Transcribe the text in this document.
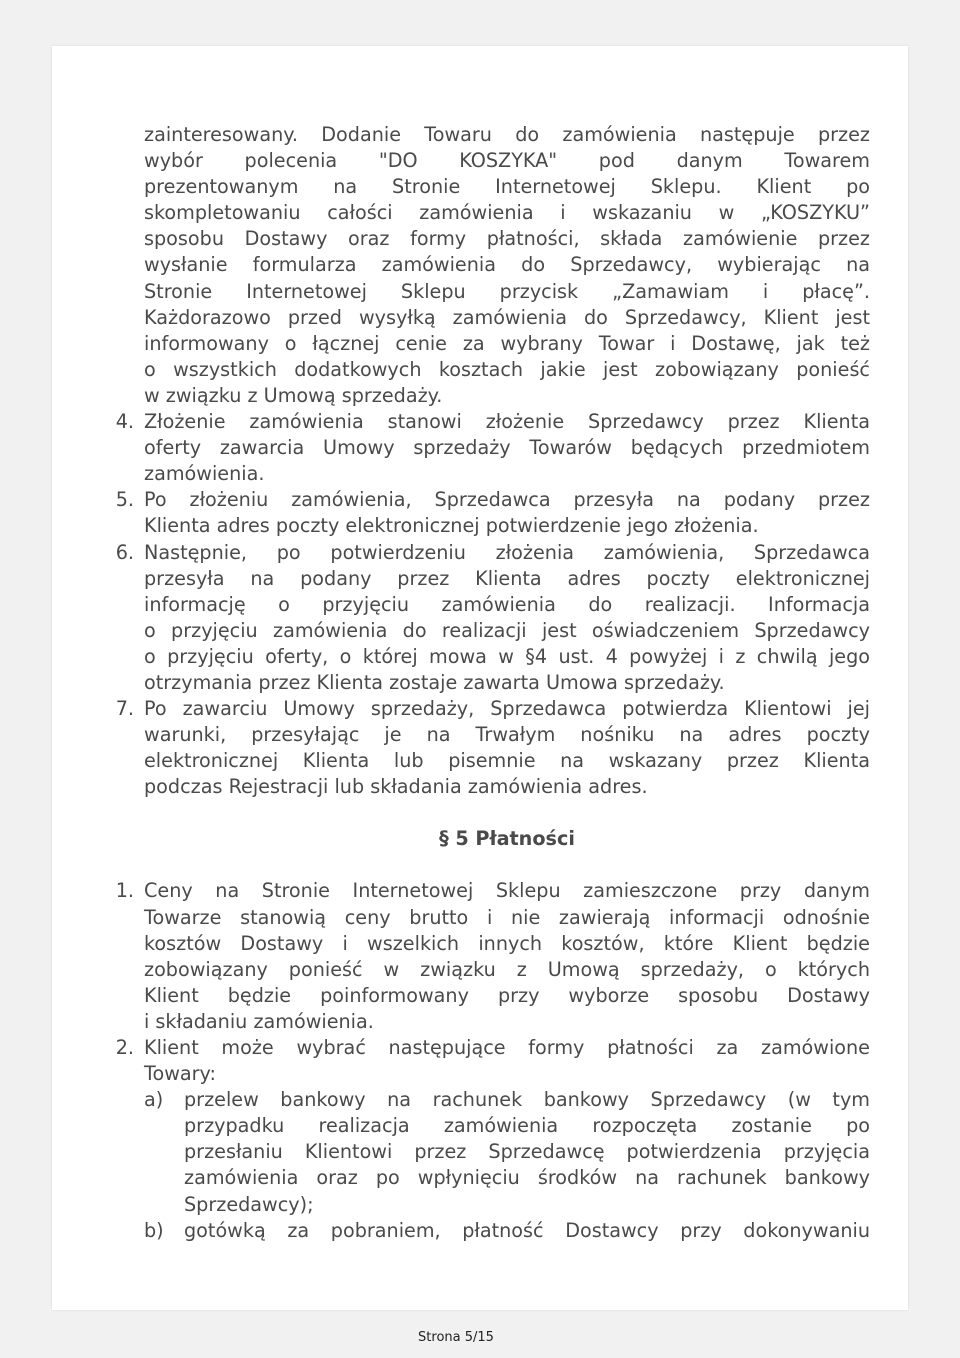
zainteresowany. Dodanie Towaru do zamówienia następuje przez
wybór polecenia "DO KOSZYKA" pod danym Towarem
prezentowanym na Stronie Internetowej Sklepu. Klient po
skompletowaniu całości zamówienia i wskazaniu w „KOSZYKU”
sposobu Dostawy oraz formy płatności, składa zamówienie przez
wysłanie formularza zamówienia do Sprzedawcy, wybierając na
Stronie Internetowej Sklepu przycisk „Zamawiam i płacę”.
Każdorazowo przed wysyłką zamówienia do Sprzedawcy, Klient jest
informowany o łącznej cenie za wybrany Towar i Dostawę, jak też
o wszystkich dodatkowych kosztach jakie jest zobowiązany ponieść
w związku z Umową sprzedaży.
4. Złożenie zamówienia stanowi złożenie Sprzedawcy przez Klienta
oferty zawarcia Umowy sprzedaży Towarów będących przedmiotem
zamówienia.
5. Po złożeniu zamówienia, Sprzedawca przesyła na podany przez
Klienta adres poczty elektronicznej potwierdzenie jego złożenia.
6. Następnie, po potwierdzeniu złożenia zamówienia, Sprzedawca
przesyła na podany przez Klienta adres poczty elektronicznej
informację o przyjęciu zamówienia do realizacji. Informacja
o przyjęciu zamówienia do realizacji jest oświadczeniem Sprzedawcy
o przyjęciu oferty, o której mowa w §4 ust. 4 powyżej i z chwilą jego
otrzymania przez Klienta zostaje zawarta Umowa sprzedaży.
7. Po zawarciu Umowy sprzedaży, Sprzedawca potwierdza Klientowi jej
warunki, przesyłając je na Trwałym nośniku na adres poczty
elektronicznej Klienta lub pisemnie na wskazany przez Klienta
podczas Rejestracji lub składania zamówienia adres.
§ 5 Płatności
1. Ceny na Stronie Internetowej Sklepu zamieszczone przy danym
Towarze stanowią ceny brutto i nie zawierają informacji odnośnie
kosztów Dostawy i wszelkich innych kosztów, które Klient będzie
zobowiązany ponieść w związku z Umową sprzedaży, o których
Klient będzie poinformowany przy wyborze sposobu Dostawy
i składaniu zamówienia.
2. Klient może wybrać następujące formy płatności za zamówione
Towary:
a) przelew bankowy na rachunek bankowy Sprzedawcy (w tym
przypadku realizacja zamówienia rozpoczęta zostanie po
przesłaniu Klientowi przez Sprzedawcę potwierdzenia przyjęcia
zamówienia oraz po wpłynięciu środków na rachunek bankowy
Sprzedawcy);
b) gotówką za pobraniem, płatność Dostawcy przy dokonywaniu
Strona 5/15
